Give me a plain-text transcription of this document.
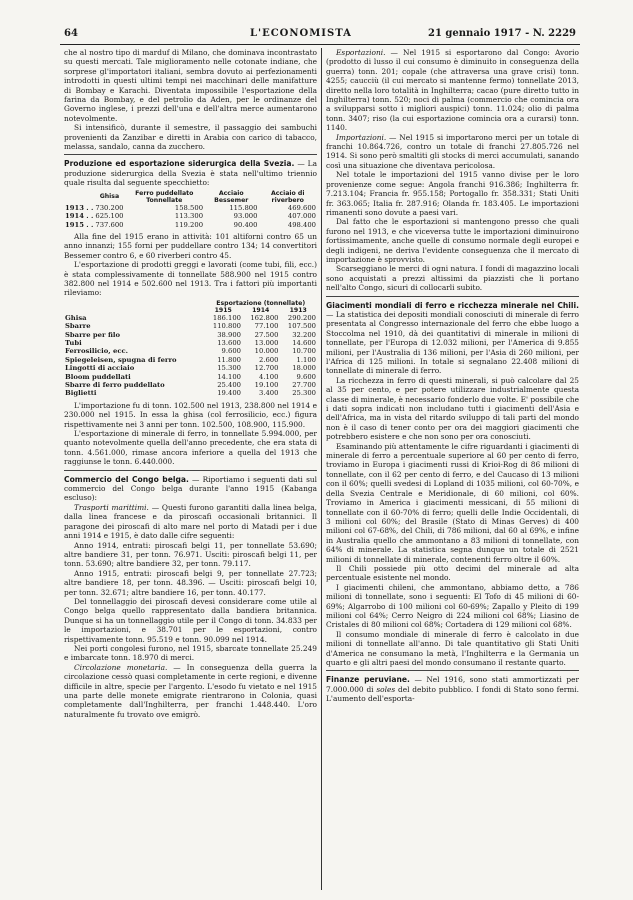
64	L'ECONOMISTA	21 gennaio 1917 - N. 2229

che al nostro tipo di marduf di Milano, che dominava incontrastato su questi mercati. Tale miglioramento nelle cotonate indiane, che sorprese gl'importatori italiani, sembra dovuto ai perfezionamenti introdotti in questi ultimi tempi nei macchinari delle manifatture di Bombay e Karachi. Diventata impossibile l'esportazione della farina da Bombay, e del petrolio da Aden, per le ordinanze del Governo inglese, i prezzi dell'una e dell'altra merce aumentarono notevolmente.

Si intensificò, durante il semestre, il passaggio dei sambuchi provenienti da Zanzibar e diretti in Arabia con carico di tabacco, melassa, sandalo, canna da zucchero.

Produzione ed esportazione siderurgica della Svezia. — La produzione siderurgica della Svezia è stata nell'ultimo triennio quale risulta dal seguente specchietto:

	Ghisa	Ferro puddellato Tonnellate	Acciaio Bessemer	Acciaio di riverbero
1913 . .	730.200	158.500	115.800	469.600
1914 . .	625.100	113.300	93.000	407.000
1915 . .	737.600	119.200	90.400	498.400

Alla fine del 1915 erano in attività: 101 altiforni contro 65 un anno innanzi; 155 forni per puddellare contro 134; 14 convertitori Bessemer contro 6, e 60 riverberi contro 45.

L'esportazione di prodotti greggi e lavorati (come tubi, fili, ecc.) è stata complessivamente di tonnellate 588.900 nel 1915 contro 382.800 nel 1914 e 502.600 nel 1913. Tra i fattori più importanti rileviamo:

	Esportazione (tonnellate)		
	1915	1914	1913
Ghisa	186.100	162.800	290.200
Sbarre	110.800	77.100	107.500
Sbarre per filo	38.900	27.500	32.200
Tubi	13.600	13.000	14.600
Ferrosilicio, ecc.	9.600	10.000	10.700
Spiegeleisen, spugna di ferro	11.800	2.600	1.100
Lingotti di acciaio	15.300	12.700	18.000
Bloom puddellati	14.100	4.100	9.600
Sbarre di ferro puddellato	25.400	19.100	27.700
Biglietti	19.400	3.400	25.300

L'importazione fu di tonn. 102.500 nel 1913, 238.800 nel 1914 e 230.000 nel 1915. In essa la ghisa (col ferrosilicio, ecc.) figura rispettivamente nei 3 anni per tonn. 102.500, 108.900, 115.900.

L'esportazione di minerale di ferro, in tonnellate 5.994.000, per quanto notevolmente quella dell'anno precedente, che era stata di tonn. 4.561.000, rimase ancora inferiore a quella del 1913 che raggiunse le tonn. 6.440.000.

Commercio del Congo belga. — Riportiamo i seguenti dati sul commercio del Congo belga durante l'anno 1915 (Kabanga escluso):

Trasporti marittimi. — Questi furono garantiti dalla linea belga, dalla linea francese e da piroscafi occasionali britannici. Il paragone dei piroscafi di alto mare nel porto di Matadi per i due anni 1914 e 1915, è dato dalle cifre seguenti:

Anno 1914, entrati: piroscafi belgi 11, per tonnellate 53.690; altre bandiere 31, per tonn. 76.971. Usciti: piroscafi belgi 11, per tonn. 53.690; altre bandiere 32, per tonn. 79.117.

Anno 1915, entrati: piroscafi belgi 9, per tonnellate 27.723; altre bandiere 18, per tonn. 48.396. — Usciti: piroscafi belgi 10, per tonn. 32.671; altre bandiere 16, per tonn. 40.177.

Del tonnellaggio dei piroscafi devesi considerare come utile al Congo belga quello rappresentato dalla bandiera britannica. Dunque si ha un tonnellaggio utile per il Congo di tonn. 34.833 per le importazioni, e 38.701 per le esportazioni, contro rispettivamente tonn. 95.519 e tonn. 90.099 nel 1914.

Nei porti congolesi furono, nel 1915, sbarcate tonnellate 25.249 e imbarcate tonn. 18.970 di merci.

Circolazione monetaria. — In conseguenza della guerra la circolazione cessò quasi completamente in certe regioni, e divenne difficile in altre, specie per l'argento. L'esodo fu vietato e nel 1915 una parte delle monete emigrate rientrarono in Colonia, quasi completamente dall'Inghilterra, per franchi 1.448.440. L'oro naturalmente fu trovato ove emigrò.

Esportazioni. — Nel 1915 si esportarono dal Congo: Avorio (prodotto di lusso il cui consumo è diminuito in conseguenza della guerra) tonn. 201; copale (che attraversa una grave crisi) tonn. 4255; caucciù (il cui mercato si mantenne fermo) tonnellate 2013, diretto nella loro totalità in Inghilterra; cacao (pure diretto tutto in Inghilterra) tonn. 520; noci di palma (commercio che comincia ora a svilupparsi sotto i migliori auspici) tonn. 11.024; olio di palma tonn. 3407; riso (la cui esportazione comincia ora a curarsi) tonn. 1140.

Importazioni. — Nel 1915 si importarono merci per un totale di franchi 10.864.726, contro un totale di franchi 27.805.726 nel 1914. Si sono però smaltiti gli stocks di merci accumulati, sanando così una situazione che diventava pericolosa.

Nel totale le importazioni del 1915 vanno divise per le loro provenienze come segue: Angola franchi 916.386; Inghilterra fr. 7.213.104; Francia fr. 955.158; Portogallo fr. 358.331; Stati Uniti fr. 363.065; Italia fr. 287.916; Olanda fr. 183.405. Le importazioni rimanenti sono dovute a paesi vari.

Dal fatto che le esportazioni si mantengono presso che quali furono nel 1913, e che viceversa tutte le importazioni diminuirono fortissimamente, anche quelle di consumo normale degli europei e degli indigeni, ne deriva l'evidente conseguenza che il mercato di importazione è sprovvisto.

Scarseggiano le merci di ogni natura. I fondi di magazzino locali sono acquistati a prezzi altissimi da piazzisti che li portano nell'alto Congo, sicuri di collocarli subito.

Giacimenti mondiali di ferro e ricchezza minerale nel Chili. — La statistica dei depositi mondiali conosciuti di minerale di ferro presentata al Congresso internazionale del ferro che ebbe luogo a Stoccolma nel 1910, dà dei quantitativi di minerale in milioni di tonnellate, per l'Europa di 12.032 milioni, per l'America di 9.855 milioni, per l'Australia di 136 milioni, per l'Asia di 260 milioni, per l'Africa di 125 milioni. In totale si segnalano 22.408 milioni di tonnellate di minerale di ferro.

La ricchezza in ferro di questi minerali, si può calcolare dal 25 al 35 per cento, e per potere utilizzare industrialmente questa classe di minerale, è necessario fonderlo due volte. E' possibile che i dati sopra indicati non includano tutti i giacimenti dell'Asia e dell'Africa, ma in vista del ritardo sviluppo di tali parti del mondo non è il caso di tener conto per ora dei maggiori giacimenti che potrebbero esistere e che non sono per ora conosciuti.

Esaminando più attentamente le cifre riguardanti i giacimenti di minerale di ferro a percentuale superiore al 60 per cento di ferro, troviamo in Europa i giacimenti russi di Krioi-Rog di 86 milioni di tonnellate, con il 62 per cento di ferro, e del Caucaso di 13 milioni con il 60%; quelli svedesi di Lopland di 1035 milioni, col 60-70%, e della Svezia Centrale e Meridionale, di 60 milioni, col 60%. Troviamo in America i giacimenti messicani, di 55 milioni di tonnellate con il 60-70% di ferro; quelli delle Indie Occidentali, di 3 milioni col 60%; del Brasile (Stato di Minas Gerves) di 400 milioni col 67-68%, del Chili, di 786 milioni, dal 60 al 69%, e infine in Australia quello che ammontano a 83 milioni di tonnellate, con 64% di minerale. La statistica segna dunque un totale di 2521 milioni di tonnellate di minerale, contenenti ferro oltre il 60%.

Il Chili possiede più otto decimi del minerale ad alta percentuale esistente nel mondo.

I giacimenti chileni, che ammontano, abbiamo detto, a 786 milioni di tonnellate, sono i seguenti: El Tofo di 45 milioni di 60-69%; Algarrobo di 100 milioni col 60-69%; Zapallo y Pleito di 199 milioni col 64%; Cerro Neigro di 224 milioni col 68%; Liasino de Cristales di 80 milioni col 68%; Cortadera di 129 milioni col 68%.

Il consumo mondiale di minerale di ferro è calcolato in due milioni di tonnellate all'anno. Di tale quantitativo gli Stati Uniti d'America ne consumano la metà, l'Inghilterra e la Germania un quarto e gli altri paesi del mondo consumano il restante quarto.

Finanze peruviane. — Nel 1916, sono stati ammortizzati per 7.000.000 di soles del debito pubblico. I fondi di Stato sono fermi. L'aumento dell'esporta-
